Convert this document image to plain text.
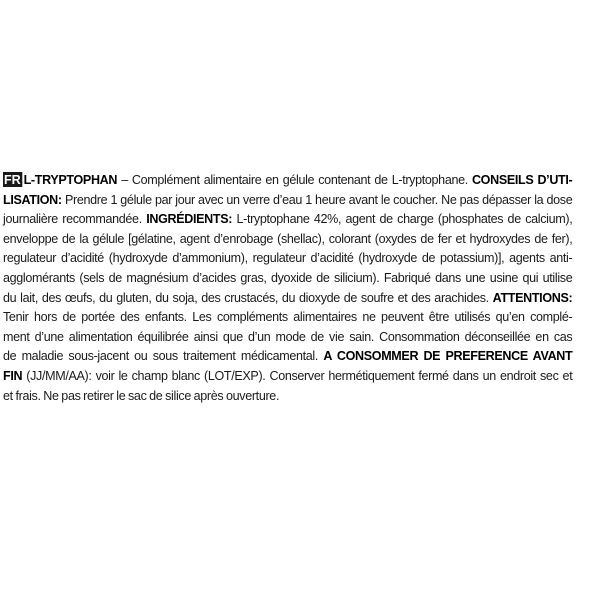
FR L-TRYPTOPHAN – Complément alimentaire en gélule contenant de L-tryptophane. CONSEILS D’UTI-
LISATION: Prendre 1 gélule par jour avec un verre d’eau 1 heure avant le coucher. Ne pas dépasser la dose
journalière recommandée. INGRÉDIENTS: L-tryptophane 42%, agent de charge (phosphates de calcium),
enveloppe de la gélule [gélatine, agent d’enrobage (shellac), colorant (oxydes de fer et hydroxydes de fer),
regulateur d’acidité (hydroxyde d’ammonium), regulateur d’acidité (hydroxyde de potassium)], agents anti-
agglomérants (sels de magnésium d’acides gras, dyoxide de silicium). Fabriqué dans une usine qui utilise
du lait, des œufs, du gluten, du soja, des crustacés, du dioxyde de soufre et des arachides. ATTENTIONS:
Tenir hors de portée des enfants. Les compléments alimentaires ne peuvent être utilisés qu’en complé-
ment d’une alimentation équilibrée ainsi que d’un mode de vie sain. Consommation déconseillée en cas
de maladie sous-jacent ou sous traitement médicamental. A CONSOMMER DE PREFERENCE AVANT
FIN (JJ/MM/AA): voir le champ blanc (LOT/EXP). Conserver hermétiquement fermé dans un endroit sec et
et frais. Ne pas retirer le sac de silice après ouverture.
